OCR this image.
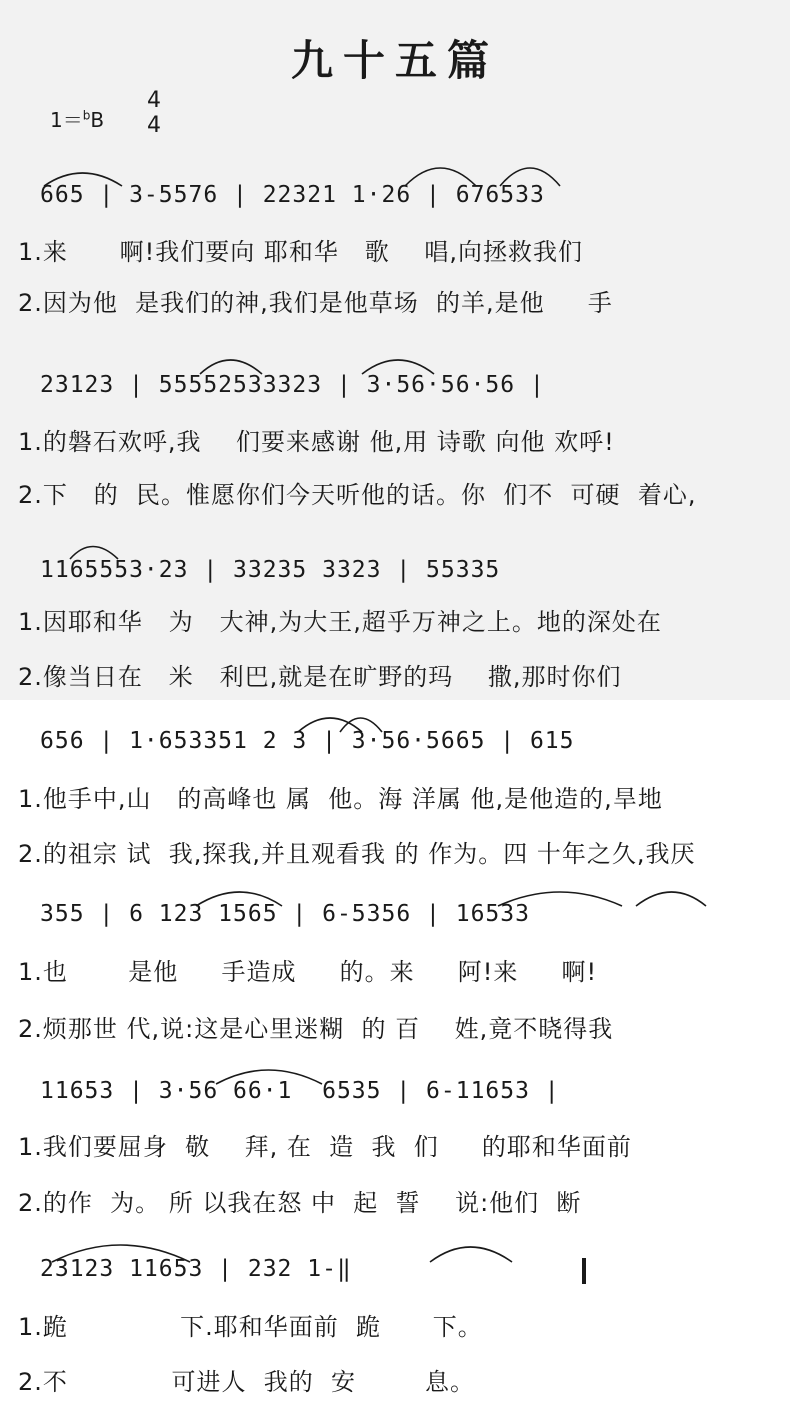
九十五篇
1＝$^b$B
4
4
665 | 3-5576 | 22321 1·26 | 676533
1.来      啊!我们要向 耶和华   歌    唱,向拯救我们
2.因为他  是我们的神,我们是他草场  的羊,是他     手
23123 | 55552533323 | 3·56·56·56 |
1.的磐石欢呼,我    们要来感谢 他,用 诗歌 向他 欢呼!
2.下   的  民。惟愿你们今天听他的话。你  们不  可硬  着心,
1165553·23 | 33235 3323 | 55335
1.因耶和华   为   大神,为大王,超乎万神之上。地的深处在
2.像当日在   米   利巴,就是在旷野的玛    撒,那时你们
656 | 1·653351 2 3 | 3·56·5665 | 615
1.他手中,山   的高峰也 属  他。海 洋属 他,是他造的,旱地
2.的祖宗 试  我,探我,并且观看我 的 作为。四 十年之久,我厌
355 | 6 123 1565 | 6-5356 | 16533
1.也       是他     手造成     的。来     阿!来     啊!
2.烦那世 代,说:这是心里迷糊  的 百    姓,竟不晓得我
11653 | 3·56 66·1  6535 | 6-11653 |
1.我们要屈身  敬    拜, 在  造  我  们     的耶和华面前
2.的作  为。 所 以我在怒 中  起  誓    说:他们  断
23123 11653 | 232 1-‖
1.跪             下.耶和华面前  跪      下。
2.不            可进人  我的  安        息。
